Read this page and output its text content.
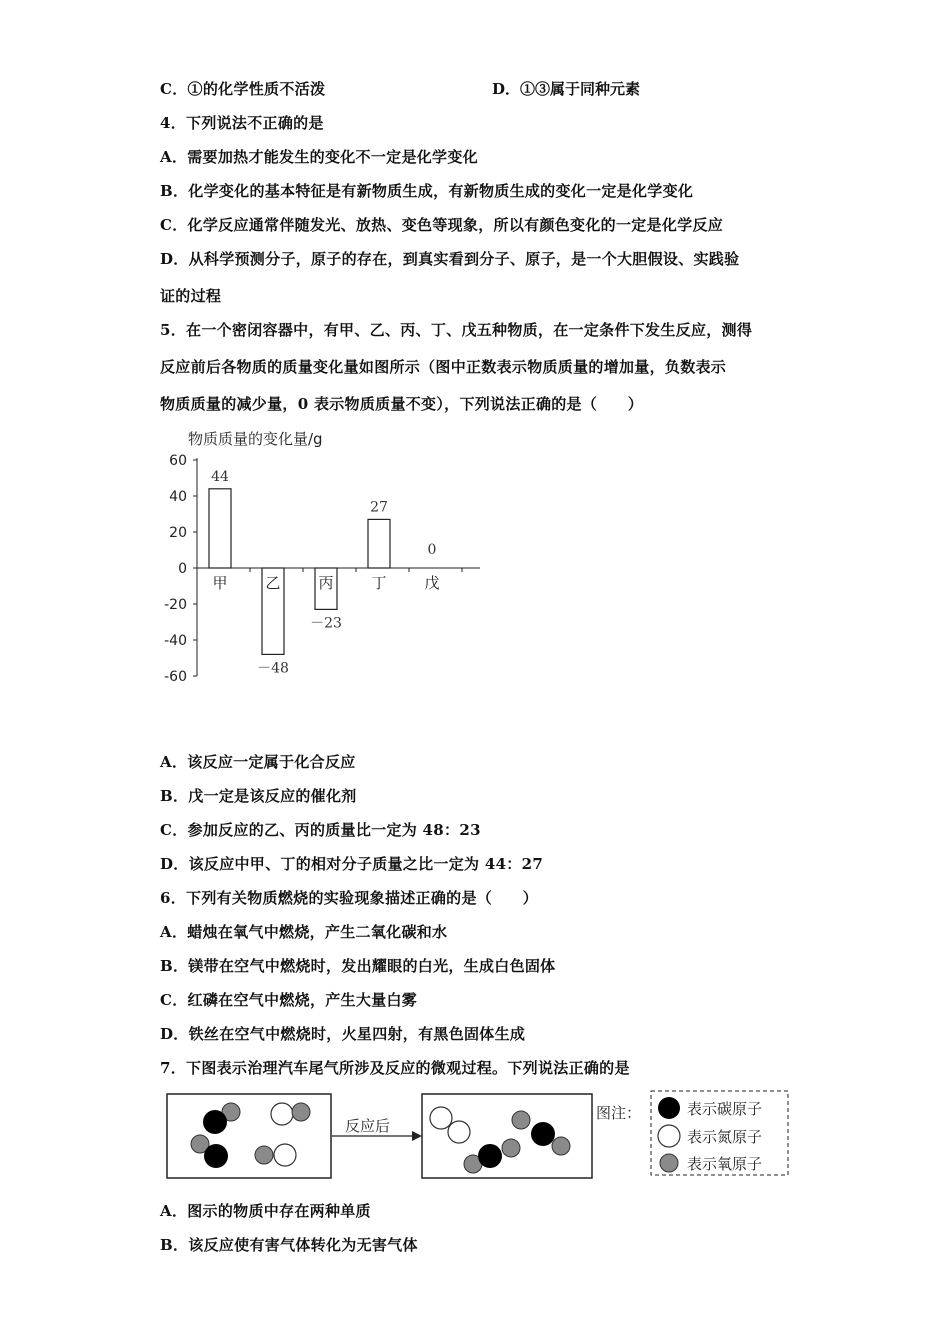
C．①的化学性质不活泼	D．①③属于同种元素
4．下列说法不正确的是
A．需要加热才能发生的变化不一定是化学变化
B．化学变化的基本特征是有新物质生成，有新物质生成的变化一定是化学变化
C．化学反应通常伴随发光、放热、变色等现象，所以有颜色变化的一定是化学反应
D．从科学预测分子，原子的存在，到真实看到分子、原子，是一个大胆假设、实践验
证的过程
5．在一个密闭容器中，有甲、乙、丙、丁、戊五种物质，在一定条件下发生反应，测得
反应前后各物质的质量变化量如图所示（图中正数表示物质质量的增加量，负数表示
物质质量的减少量，0 表示物质质量不变），下列说法正确的是（　　）
物质质量的变化量/g
60
40
20
0
-20
-40
-60
甲
44
乙
－48
丙
－23
丁
27
戊
0
A．该反应一定属于化合反应
B．戊一定是该反应的催化剂
C．参加反应的乙、丙的质量比一定为 48：23
D．该反应中甲、丁的相对分子质量之比一定为 44：27
6．下列有关物质燃烧的实验现象描述正确的是（　　）
A．蜡烛在氧气中燃烧，产生二氧化碳和水
B．镁带在空气中燃烧时，发出耀眼的白光，生成白色固体
C．红磷在空气中燃烧，产生大量白雾
D．铁丝在空气中燃烧时，火星四射，有黑色固体生成
7．下图表示治理汽车尾气所涉及反应的微观过程。下列说法正确的是
反应后
图注：	表示碳原子
表示氮原子
表示氧原子
A．图示的物质中存在两种单质
B．该反应使有害气体转化为无害气体
